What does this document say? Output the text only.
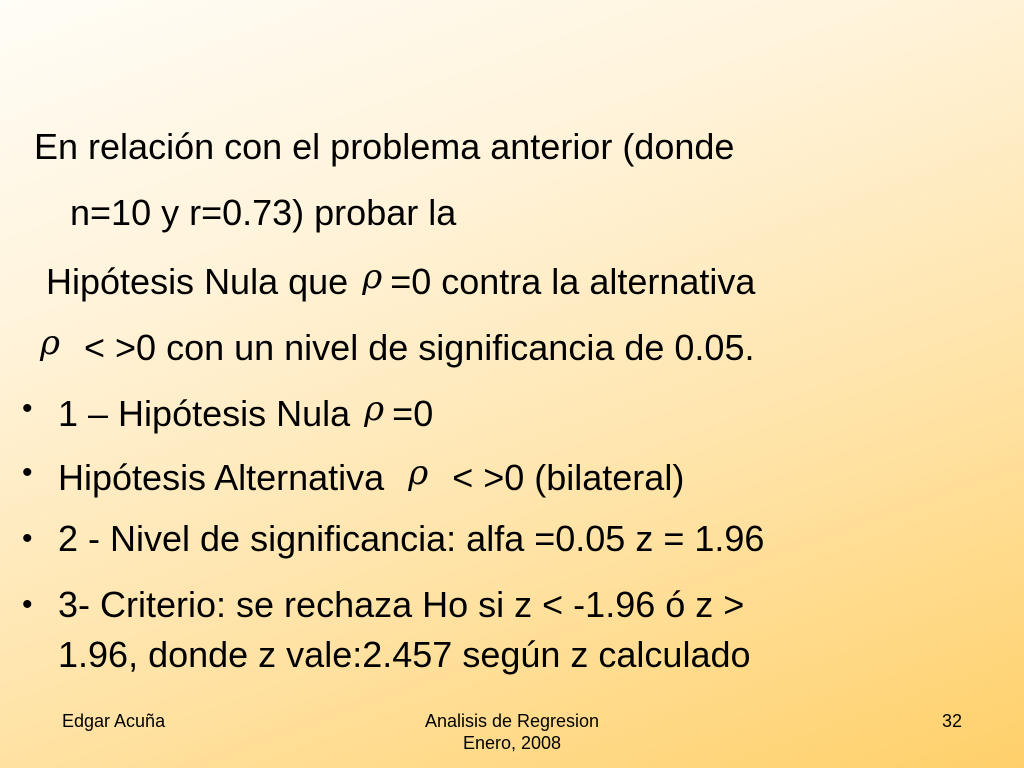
En relación con el problema anterior (donde
n=10 y r=0.73) probar la
Hipótesis Nula que ρ =0 contra la alternativa
ρ < >0 con un nivel de significancia de 0.05.
• 1 – Hipótesis Nula ρ =0
• Hipótesis Alternativa ρ < >0 (bilateral)
• 2 - Nivel de significancia: alfa =0.05 z = 1.96
• 3- Criterio: se rechaza Ho si z < -1.96 ó z >
1.96, donde z vale:2.457 según z calculado
Edgar Acuña	Analisis de Regresion
Enero, 2008
32
